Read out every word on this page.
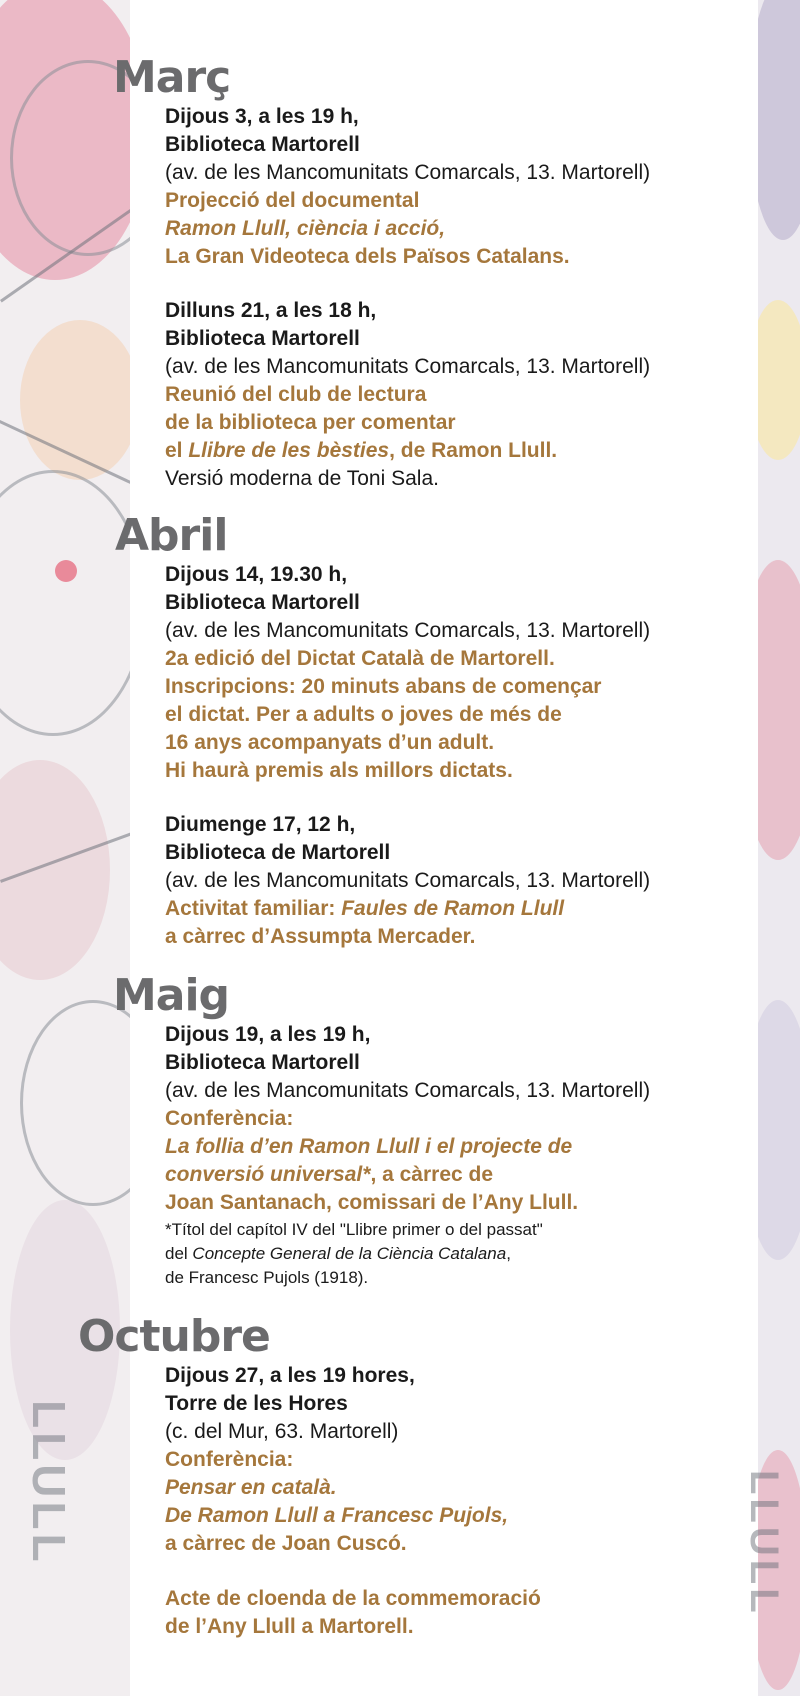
LLULL	LLULL
Març

Dijous 3, a les 19 h,

Biblioteca Martorell

(av. de les Mancomunitats Comarcals, 13. Martorell)

Projecció del documental

Ramon Llull, ciència i acció,

La Gran Videoteca dels Països Catalans.

Dilluns 21, a les 18 h,

Biblioteca Martorell

(av. de les Mancomunitats Comarcals, 13. Martorell)

Reunió del club de lectura

de la biblioteca per comentar

el Llibre de les bèsties, de Ramon Llull.

Versió moderna de Toni Sala.

Abril

Dijous 14, 19.30 h,

Biblioteca Martorell

(av. de les Mancomunitats Comarcals, 13. Martorell)

2a edició del Dictat Català de Martorell.

Inscripcions: 20 minuts abans de començar

el dictat. Per a adults o joves de més de

16 anys acompanyats d’un adult.

Hi haurà premis als millors dictats.

Diumenge 17, 12 h,

Biblioteca de Martorell

(av. de les Mancomunitats Comarcals, 13. Martorell)

Activitat familiar: Faules de Ramon Llull

a càrrec d’Assumpta Mercader.

Maig

Dijous 19, a les 19 h,

Biblioteca Martorell

(av. de les Mancomunitats Comarcals, 13. Martorell)

Conferència:

La follia d’en Ramon Llull i el projecte de

conversió universal*, a càrrec de

Joan Santanach, comissari de l’Any Llull.

*Títol del capítol IV del "Llibre primer o del passat"

del Concepte General de la Ciència Catalana,

de Francesc Pujols (1918).

Octubre

Dijous 27, a les 19 hores,

Torre de les Hores

(c. del Mur, 63. Martorell)

Conferència:

Pensar en català.

De Ramon Llull a Francesc Pujols,

a càrrec de Joan Cuscó.

Acte de cloenda de la commemoració

de l’Any Llull a Martorell.
